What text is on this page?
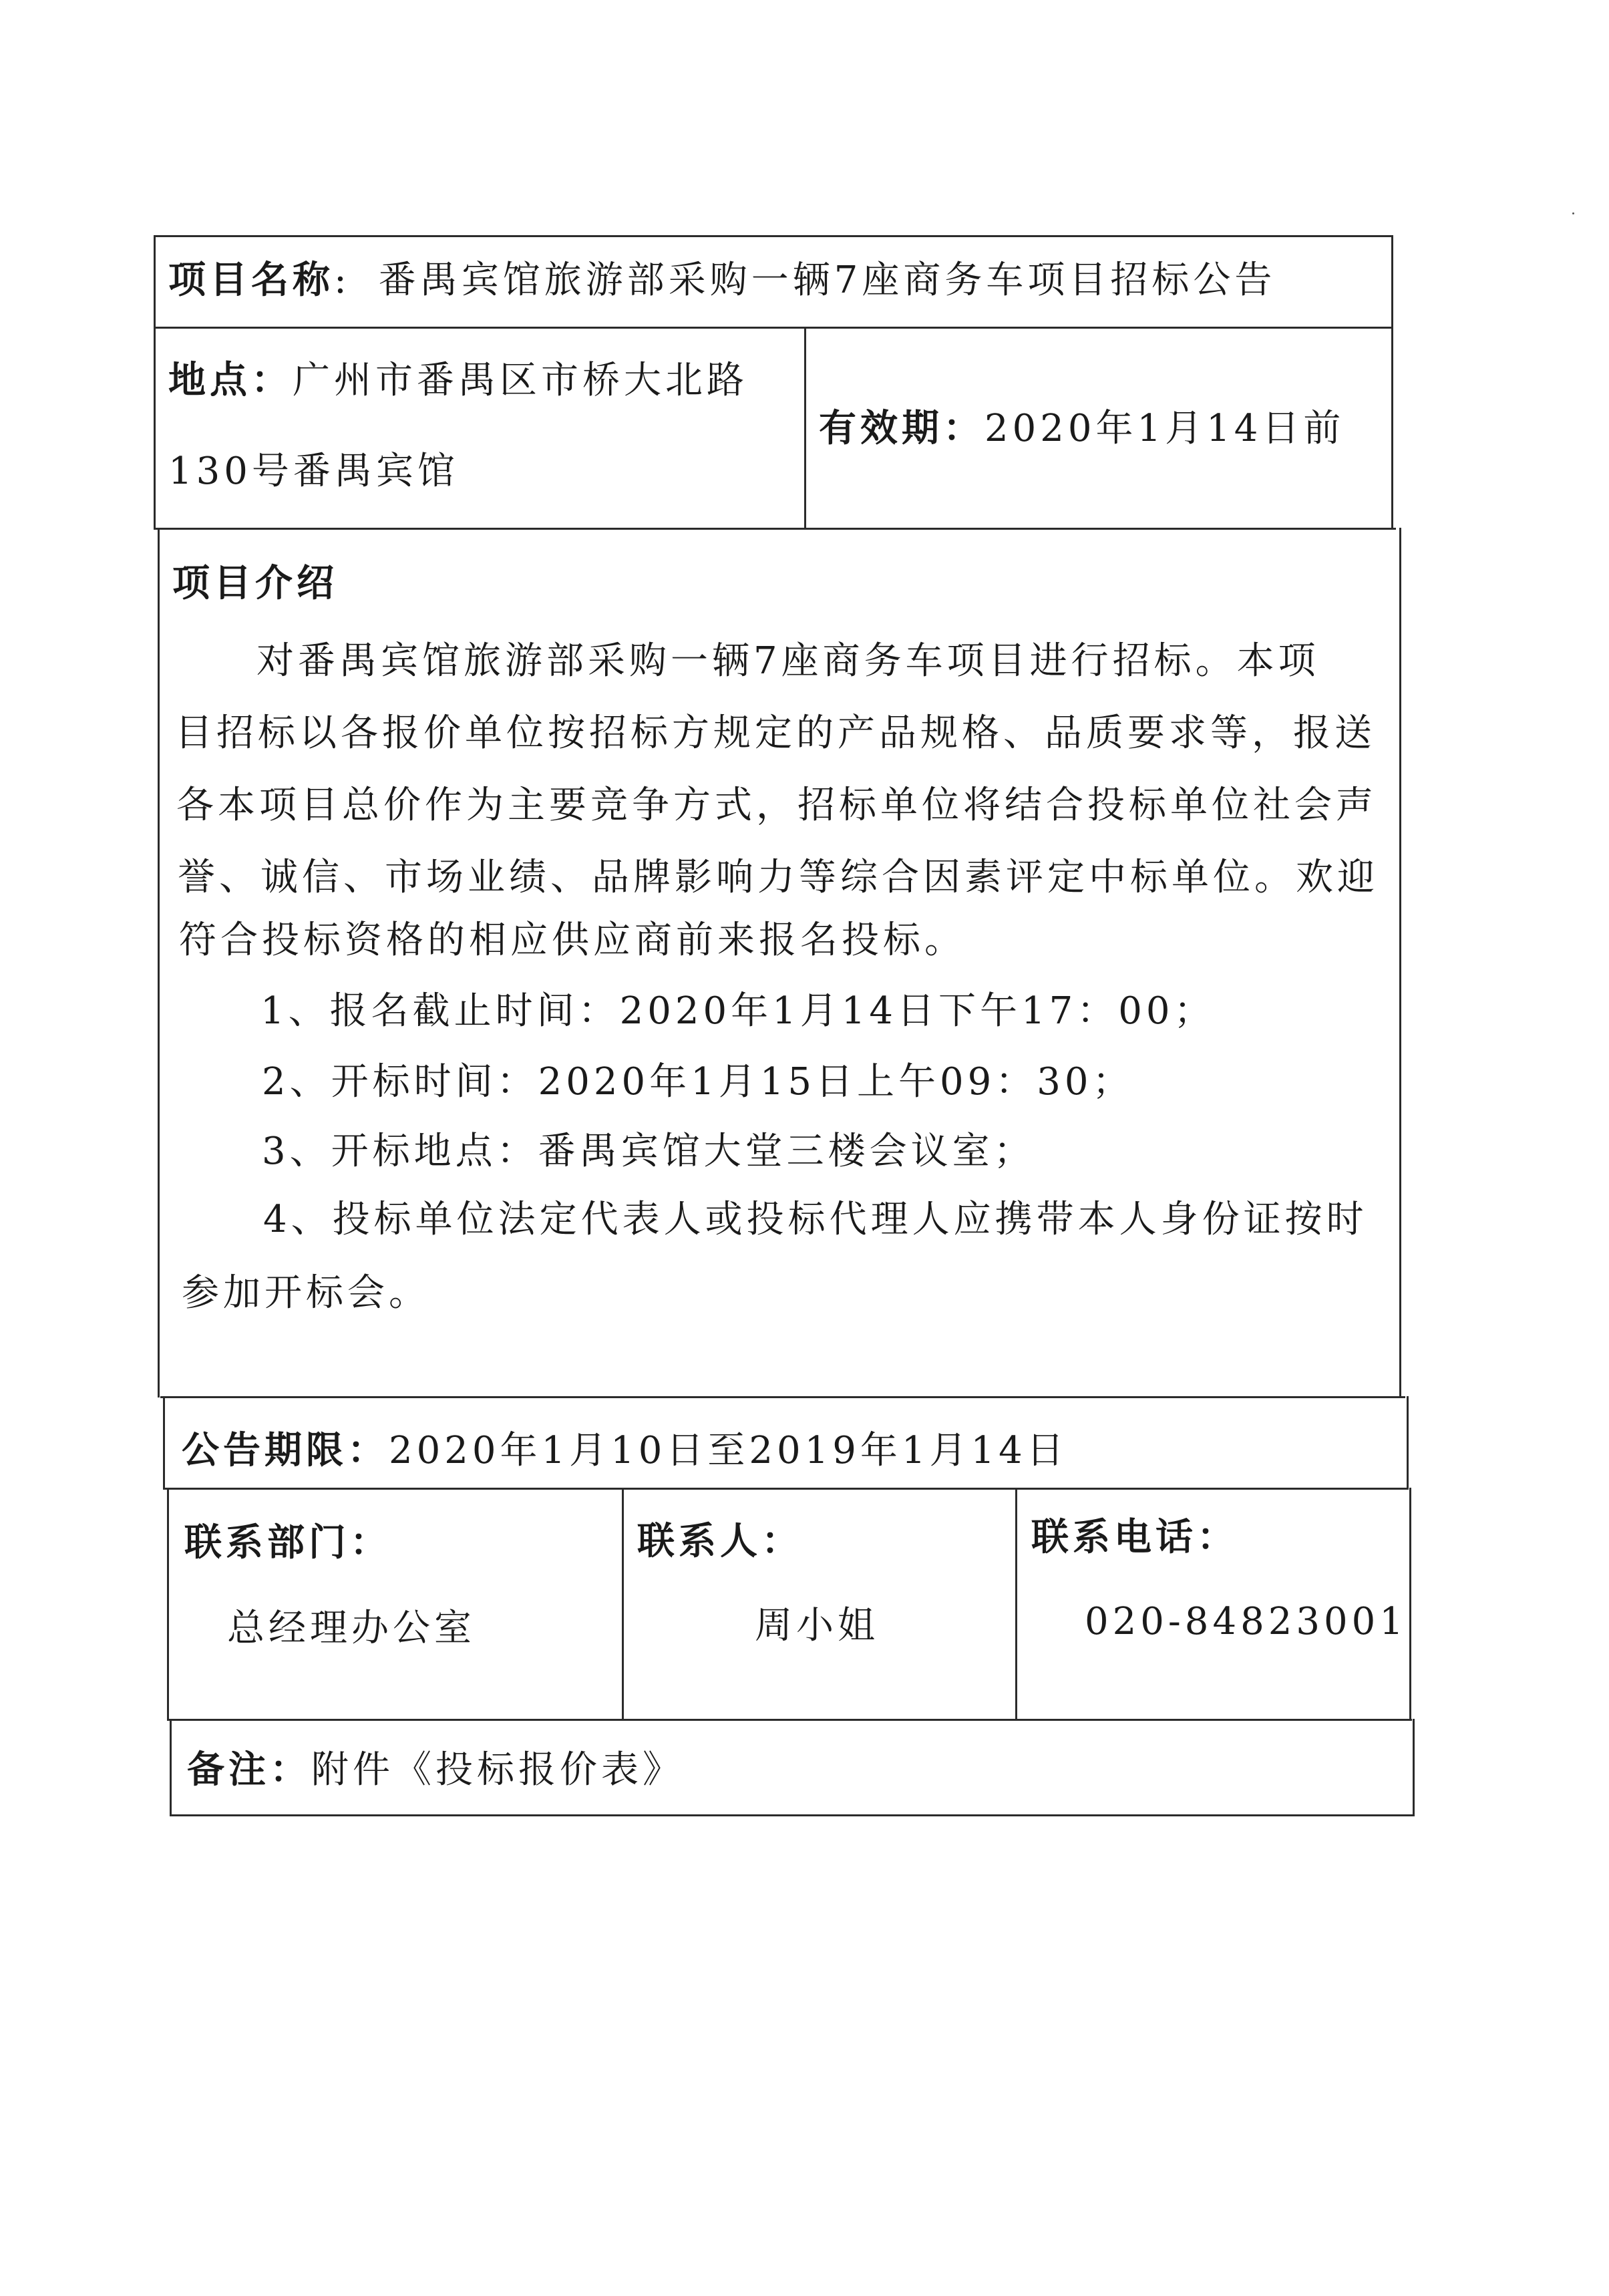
项目名称: 番禺宾馆旅游部采购一辆7座商务车项目招标公告
地点：广州市番禺区市桥大北路
130号番禺宾馆
有效期：2020年1月14日前
项目介绍
对番禺宾馆旅游部采购一辆7座商务车项目进行招标。本项
目招标以各报价单位按招标方规定的产品规格、品质要求等，报送
各本项目总价作为主要竞争方式，招标单位将结合投标单位社会声
誉、诚信、市场业绩、品牌影响力等综合因素评定中标单位。欢迎
符合投标资格的相应供应商前来报名投标。
1、报名截止时间：2020年1月14日下午17：00；
2、开标时间：2020年1月15日上午09：30；
3、开标地点：番禺宾馆大堂三楼会议室；
4、投标单位法定代表人或投标代理人应携带本人身份证按时
参加开标会。
公告期限：2020年1月10日至2019年1月14日
联系部门：
总经理办公室
联系人：
周小姐
联系电话：
020-84823001
备注：附件《投标报价表》
